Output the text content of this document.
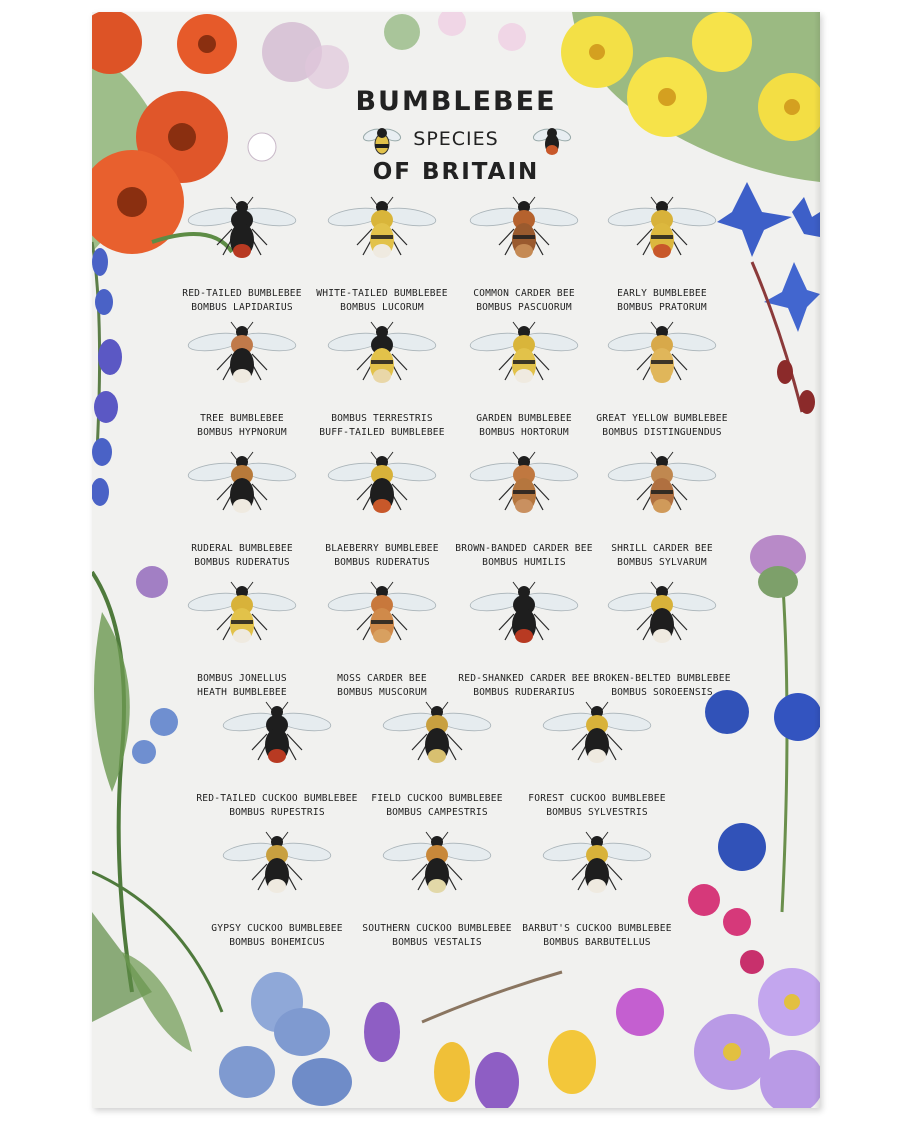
BUMBLEBEE
SPECIES
OF BRITAIN
RED-TAILED BUMBLEBEE
BOMBUS LAPIDARIUS
WHITE-TAILED BUMBLEBEE
BOMBUS LUCORUM
COMMON CARDER BEE
BOMBUS PASCUORUM
EARLY BUMBLEBEE
BOMBUS PRATORUM
TREE BUMBLEBEE
BOMBUS HYPNORUM
BOMBUS TERRESTRIS
BUFF-TAILED BUMBLEBEE
GARDEN BUMBLEBEE
BOMBUS HORTORUM
GREAT YELLOW BUMBLEBEE
BOMBUS DISTINGUENDUS
RUDERAL BUMBLEBEE
BOMBUS RUDERATUS
BLAEBERRY BUMBLEBEE
BOMBUS RUDERATUS
BROWN-BANDED CARDER BEE
BOMBUS HUMILIS
SHRILL CARDER BEE
BOMBUS SYLVARUM
BOMBUS JONELLUS
HEATH BUMBLEBEE
MOSS CARDER BEE
BOMBUS MUSCORUM
RED-SHANKED CARDER BEE
BOMBUS RUDERARIUS
BROKEN-BELTED BUMBLEBEE
BOMBUS SOROEENSIS
RED-TAILED CUCKOO BUMBLEBEE
BOMBUS RUPESTRIS
FIELD CUCKOO BUMBLEBEE
BOMBUS CAMPESTRIS
FOREST CUCKOO BUMBLEBEE
BOMBUS SYLVESTRIS
GYPSY CUCKOO BUMBLEBEE
BOMBUS BOHEMICUS
SOUTHERN CUCKOO BUMBLEBEE
BOMBUS VESTALIS
BARBUT'S CUCKOO BUMBLEBEE
BOMBUS BARBUTELLUS
